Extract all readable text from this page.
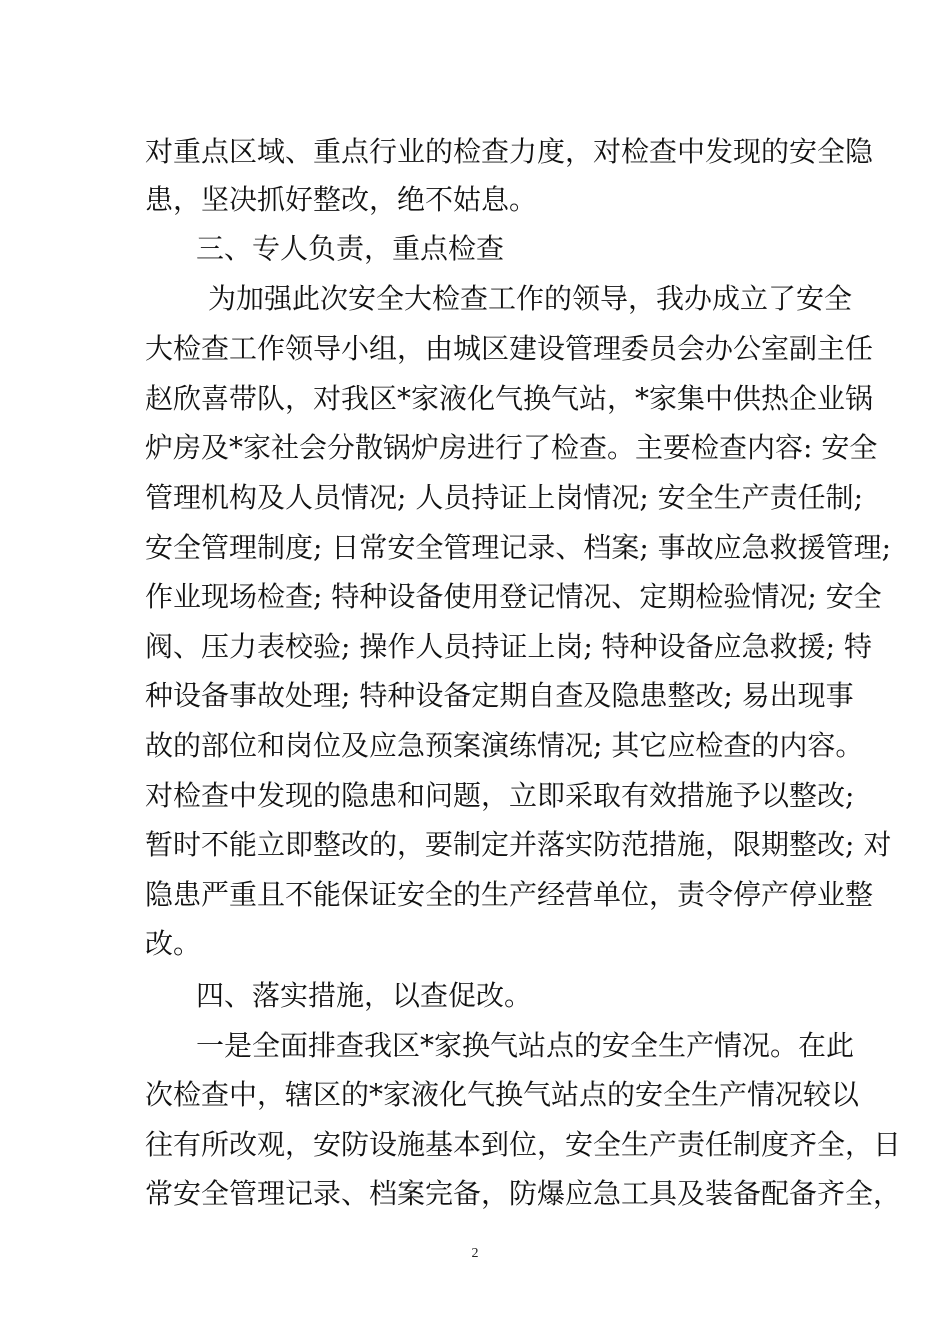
对重点区域、重点行业的检查力度，对检查中发现的安全隐
患，坚决抓好整改，绝不姑息。
三、专人负责，重点检查
为加强此次安全大检查工作的领导，我办成立了安全
大检查工作领导小组，由城区建设管理委员会办公室副主任
赵欣喜带队，对我区*家液化气换气站，*家集中供热企业锅
炉房及*家社会分散锅炉房进行了检查。主要检查内容: 安全
管理机构及人员情况; 人员持证上岗情况; 安全生产责任制;
安全管理制度; 日常安全管理记录、档案; 事故应急救援管理;
作业现场检查; 特种设备使用登记情况、定期检验情况; 安全
阀、压力表校验; 操作人员持证上岗; 特种设备应急救援; 特
种设备事故处理; 特种设备定期自查及隐患整改; 易出现事
故的部位和岗位及应急预案演练情况; 其它应检查的内容。
对检查中发现的隐患和问题，立即采取有效措施予以整改;
暂时不能立即整改的，要制定并落实防范措施，限期整改; 对
隐患严重且不能保证安全的生产经营单位，责令停产停业整
改。
四、落实措施，以查促改。
一是全面排查我区*家换气站点的安全生产情况。在此
次检查中，辖区的*家液化气换气站点的安全生产情况较以
往有所改观，安防设施基本到位，安全生产责任制度齐全，日
常安全管理记录、档案完备，防爆应急工具及装备配备齐全，
2
